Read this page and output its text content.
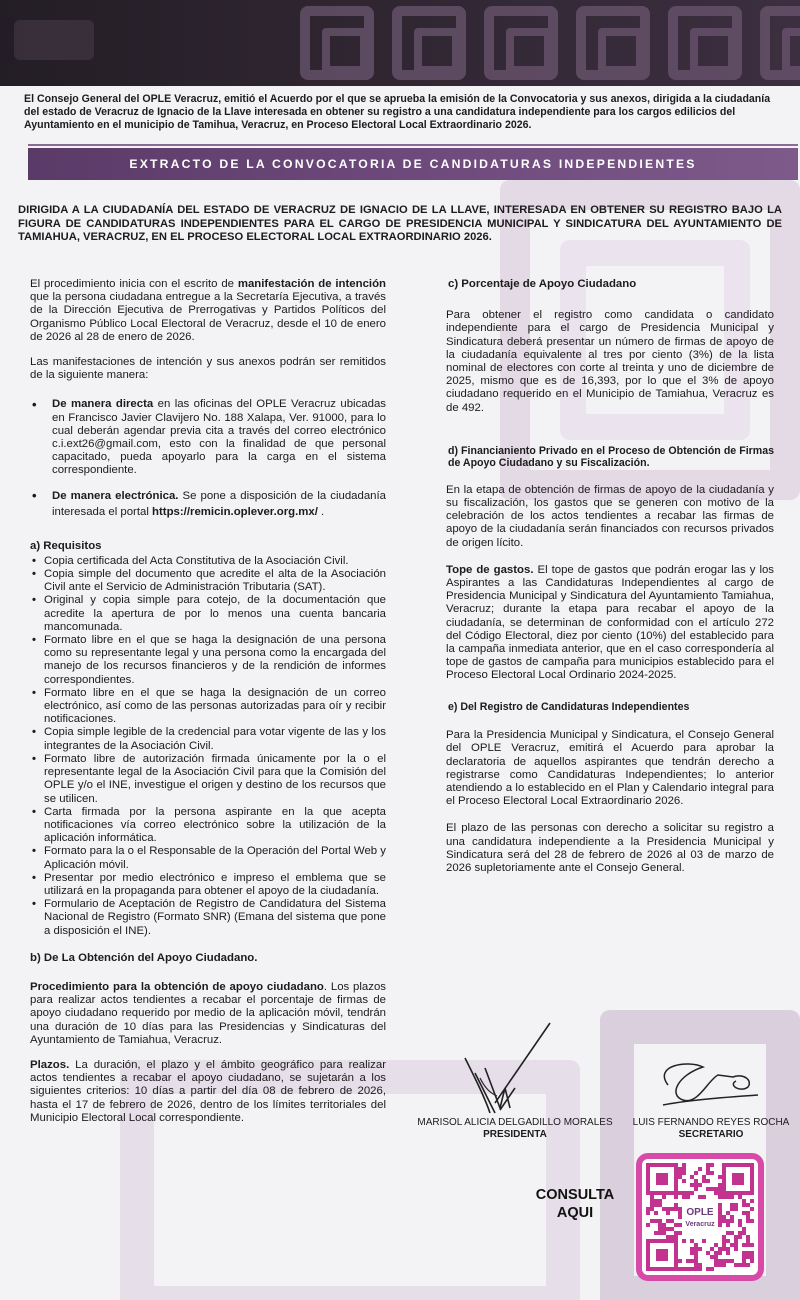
El Consejo General del OPLE Veracruz, emitió el Acuerdo por el que se aprueba la emisión de la Convocatoria y sus anexos, dirigida a la ciudadanía del estado de Veracruz de Ignacio de la Llave interesada en obtener su registro a una candidatura independiente para los cargos edilicios del Ayuntamiento en el municipio de Tamihua, Veracruz, en Proceso Electoral Local Extraordinario 2026.

EXTRACTO DE LA CONVOCATORIA DE CANDIDATURAS INDEPENDIENTES

DIRIGIDA A LA CIUDADANÍA DEL ESTADO DE VERACRUZ DE IGNACIO DE LA LLAVE, INTERESADA EN OBTENER SU REGISTRO BAJO LA FIGURA DE CANDIDATURAS INDEPENDIENTES PARA EL CARGO DE PRESIDENCIA MUNICIPAL Y SINDICATURA DEL AYUNTAMIENTO DE TAMIAHUA, VERACRUZ, EN EL PROCESO ELECTORAL LOCAL EXTRAORDINARIO 2026.

El procedimiento inicia con el escrito de manifestación de intención que la persona ciudadana entregue a la Secretaría Ejecutiva, a través de la Dirección Ejecutiva de Prerrogativas y Partidos Políticos del Organismo Público Local Electoral de Veracruz, desde el 10 de enero de 2026 al 28 de enero de 2026.

Las manifestaciones de intención y sus anexos podrán ser remitidos de la siguiente manera:

• De manera directa en las oficinas del OPLE Veracruz ubicadas en Francisco Javier Clavijero No. 188 Xalapa, Ver. 91000, para lo cual deberán agendar previa cita a través del correo electrónico c.i.ext26@gmail.com, esto con la finalidad de que personal capacitado, pueda apoyarlo para la carga en el sistema correspondiente.
• De manera electrónica. Se pone a disposición de la ciudadanía interesada el portal https://remicin.oplever.org.mx/ .

a) Requisitos

• Copia certificada del Acta Constitutiva de la Asociación Civil.
• Copia simple del documento que acredite el alta de la Asociación Civil ante el Servicio de Administración Tributaria (SAT).
• Original y copia simple para cotejo, de la documentación que acredite la apertura de por lo menos una cuenta bancaria mancomunada.
• Formato libre en el que se haga la designación de una persona como su representante legal y una persona como la encargada del manejo de los recursos financieros y de la rendición de informes correspondientes.
• Formato libre en el que se haga la designación de un correo electrónico, así como de las personas autorizadas para oír y recibir notificaciones.
• Copia simple legible de la credencial para votar vigente de las y los integrantes de la Asociación Civil.
• Formato libre de autorización firmada únicamente por la o el representante legal de la Asociación Civil para que la Comisión del OPLE y/o el INE, investigue el origen y destino de los recursos que se utilicen.
• Carta firmada por la persona aspirante en la que acepta notificaciones vía correo electrónico sobre la utilización de la aplicación informática.
• Formato para la o el Responsable de la Operación del Portal Web y Aplicación móvil.
• Presentar por medio electrónico e impreso el emblema que se utilizará en la propaganda para obtener el apoyo de la ciudadanía.
• Formulario de Aceptación de Registro de Candidatura del Sistema Nacional de Registro (Formato SNR) (Emana del sistema que pone a disposición el INE).

b) De La Obtención del Apoyo Ciudadano.

Procedimiento para la obtención de apoyo ciudadano. Los plazos para realizar actos tendientes a recabar el porcentaje de firmas de apoyo ciudadano requerido por medio de la aplicación móvil, tendrán una duración de 10 días para las Presidencias y Sindicaturas del Ayuntamiento de Tamiahua, Veracruz.

Plazos. La duración, el plazo y el ámbito geográfico para realizar actos tendientes a recabar el apoyo ciudadano, se sujetarán a los siguientes criterios: 10 días a partir del día 08 de febrero de 2026, hasta el 17 de febrero de 2026, dentro de los límites territoriales del Municipio Electoral Local correspondiente.

c) Porcentaje de Apoyo Ciudadano

Para obtener el registro como candidata o candidato independiente para el cargo de Presidencia Municipal y Sindicatura deberá presentar un número de firmas de apoyo de la ciudadanía equivalente al tres por ciento (3%) de la lista nominal de electores con corte al treinta y uno de diciembre de 2025, mismo que es de 16,393, por lo que el 3% de apoyo ciudadano requerido en el Municipio de Tamiahua, Veracruz es de 492.

d) Financianiento Privado en el Proceso de Obtención de Firmas de Apoyo Ciudadano y su Fiscalización.

En la etapa de obtención de firmas de apoyo de la ciudadanía y su fiscalización, los gastos que se generen con motivo de la celebración de los actos tendientes a recabar las firmas de apoyo de la ciudadanía serán financiados con recursos privados de origen lícito.

Tope de gastos. El tope de gastos que podrán erogar las y los Aspirantes a las Candidaturas Independientes al cargo de Presidencia Municipal y Sindicatura del Ayuntamiento Tamiahua, Veracruz; durante la etapa para recabar el apoyo de la ciudadanía, se determinan de conformidad con el artículo 272 del Código Electoral, diez por ciento (10%) del establecido para la campaña inmediata anterior, que en el caso correspondería al tope de gastos de campaña para municipios establecido para el Proceso Electoral Local Ordinario 2024-2025.

e) Del Registro de Candidaturas Independientes

Para la Presidencia Municipal y Sindicatura, el Consejo General del OPLE Veracruz, emitirá el Acuerdo para aprobar la declaratoria de aquellos aspirantes que tendrán derecho a registrarse como Candidaturas Independientes; lo anterior atendiendo a lo establecido en el Plan y Calendario integral para el Proceso Electoral Local Extraordinario 2026.

El plazo de las personas con derecho a solicitar su registro a una candidatura independiente a la Presidencia Municipal y Sindicatura será del 28 de febrero de 2026 al 03 de marzo de 2026 supletoriamente ante el Consejo General.

MARISOL ALICIA DELGADILLO MORALES
PRESIDENTA
LUIS FERNANDO REYES ROCHA
SECRETARIO
CONSULTA
AQUI	OPLE
Veracruz
